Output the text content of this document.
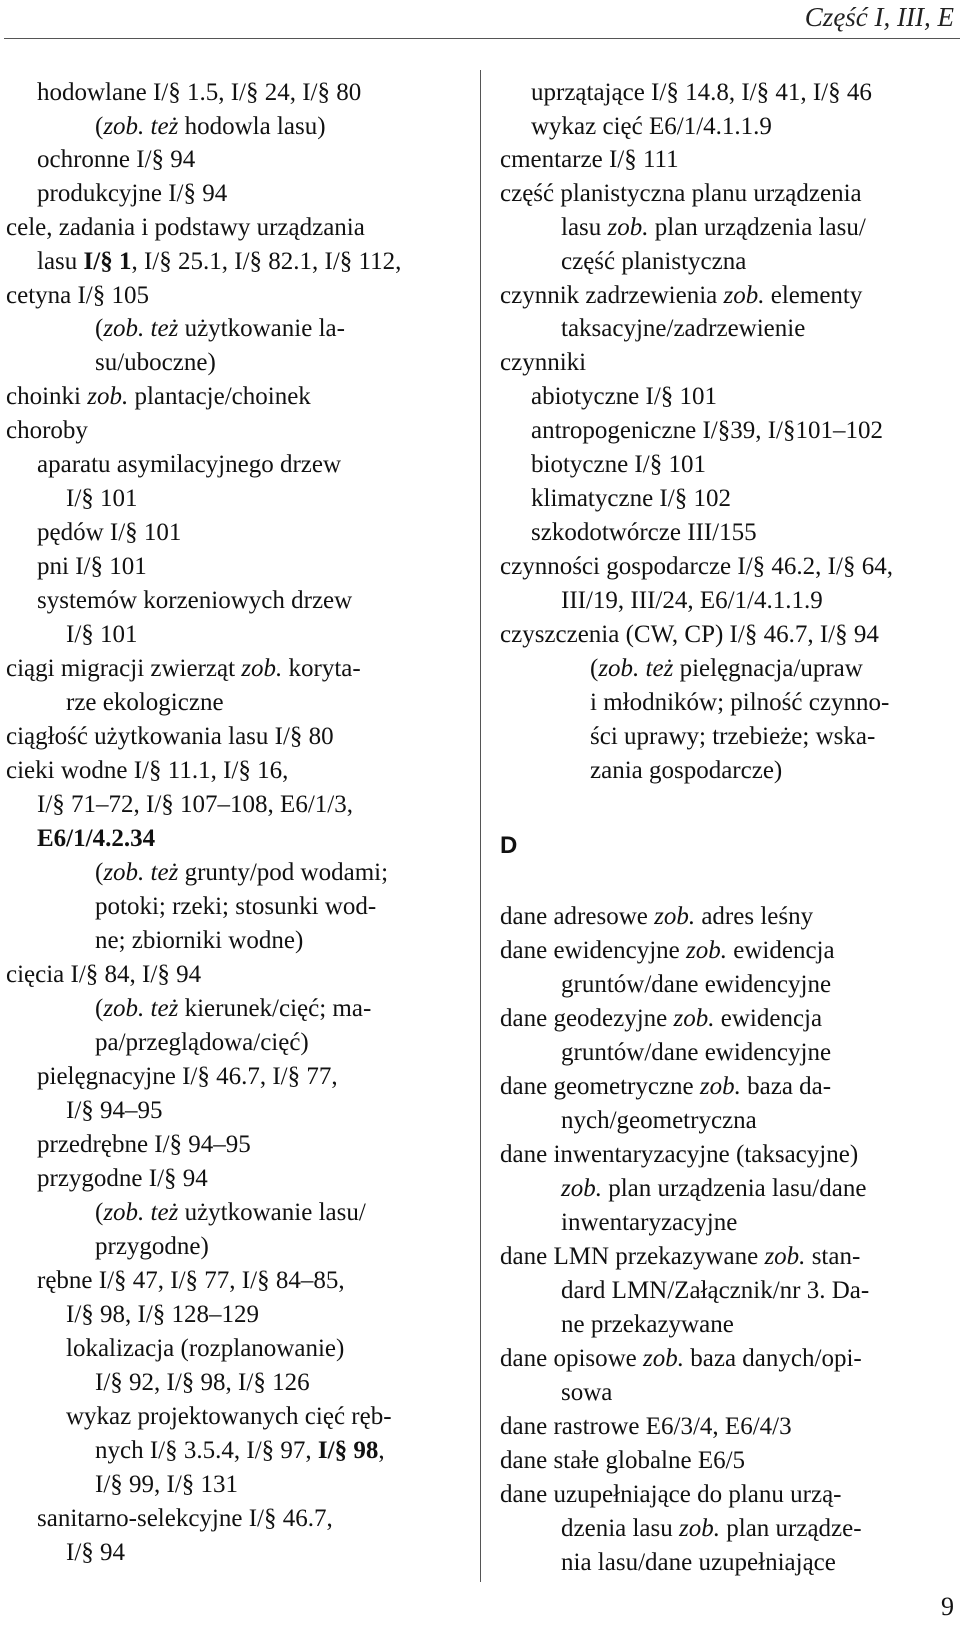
Część I, III, E
hodowlane I/§ 1.5, I/§ 24, I/§ 80
(zob. też hodowla lasu)
ochronne I/§ 94
produkcyjne I/§ 94
cele, zadania i podstawy urządzania
lasu I/§ 1, I/§ 25.1, I/§ 82.1, I/§ 112,
cetyna I/§ 105
(zob. też użytkowanie la-
su/uboczne)
choinki zob. plantacje/choinek
choroby
aparatu asymilacyjnego drzew
I/§ 101
pędów I/§ 101
pni I/§ 101
systemów korzeniowych drzew
I/§ 101
ciągi migracji zwierząt zob. koryta-
rze ekologiczne
ciągłość użytkowania lasu I/§ 80
cieki wodne I/§ 11.1, I/§ 16,
I/§ 71–72, I/§ 107–108, E6/1/3,
E6/1/4.2.34
(zob. też grunty/pod wodami;
potoki; rzeki; stosunki wod-
ne; zbiorniki wodne)
cięcia I/§ 84, I/§ 94
(zob. też kierunek/cięć; ma-
pa/przeglądowa/cięć)
pielęgnacyjne I/§ 46.7, I/§ 77,
I/§ 94–95
przedrębne I/§ 94–95
przygodne I/§ 94
(zob. też użytkowanie lasu/
przygodne)
rębne I/§ 47, I/§ 77, I/§ 84–85,
I/§ 98, I/§ 128–129
lokalizacja (rozplanowanie)
I/§ 92, I/§ 98, I/§ 126
wykaz projektowanych cięć ręb-
nych I/§ 3.5.4, I/§ 97, I/§ 98,
I/§ 99, I/§ 131
sanitarno-selekcyjne I/§ 46.7,
I/§ 94
uprzątające I/§ 14.8, I/§ 41, I/§ 46
wykaz cięć E6/1/4.1.1.9
cmentarze I/§ 111
część planistyczna planu urządzenia
lasu zob. plan urządzenia lasu/
część planistyczna
czynnik zadrzewienia zob. elementy
taksacyjne/zadrzewienie
czynniki
abiotyczne I/§ 101
antropogeniczne I/§39, I/§101–102
biotyczne I/§ 101
klimatyczne I/§ 102
szkodotwórcze III/155
czynności gospodarcze I/§ 46.2, I/§ 64,
III/19, III/24, E6/1/4.1.1.9
czyszczenia (CW, CP) I/§ 46.7, I/§ 94
(zob. też pielęgnacja/upraw
i młodników; pilność czynno-
ści uprawy; trzebieże; wska-
zania gospodarcze)
dane adresowe zob. adres leśny
dane ewidencyjne zob. ewidencja
gruntów/dane ewidencyjne
dane geodezyjne zob. ewidencja
gruntów/dane ewidencyjne
dane geometryczne zob. baza da-
nych/geometryczna
dane inwentaryzacyjne (taksacyjne)
zob. plan urządzenia lasu/dane
inwentaryzacyjne
dane LMN przekazywane zob. stan-
dard LMN/Załącznik/nr 3. Da-
ne przekazywane
dane opisowe zob. baza danych/opi-
sowa
dane rastrowe E6/3/4, E6/4/3
dane stałe globalne E6/5
dane uzupełniające do planu urzą-
dzenia lasu zob. plan urządze-
nia lasu/dane uzupełniające
D
9
